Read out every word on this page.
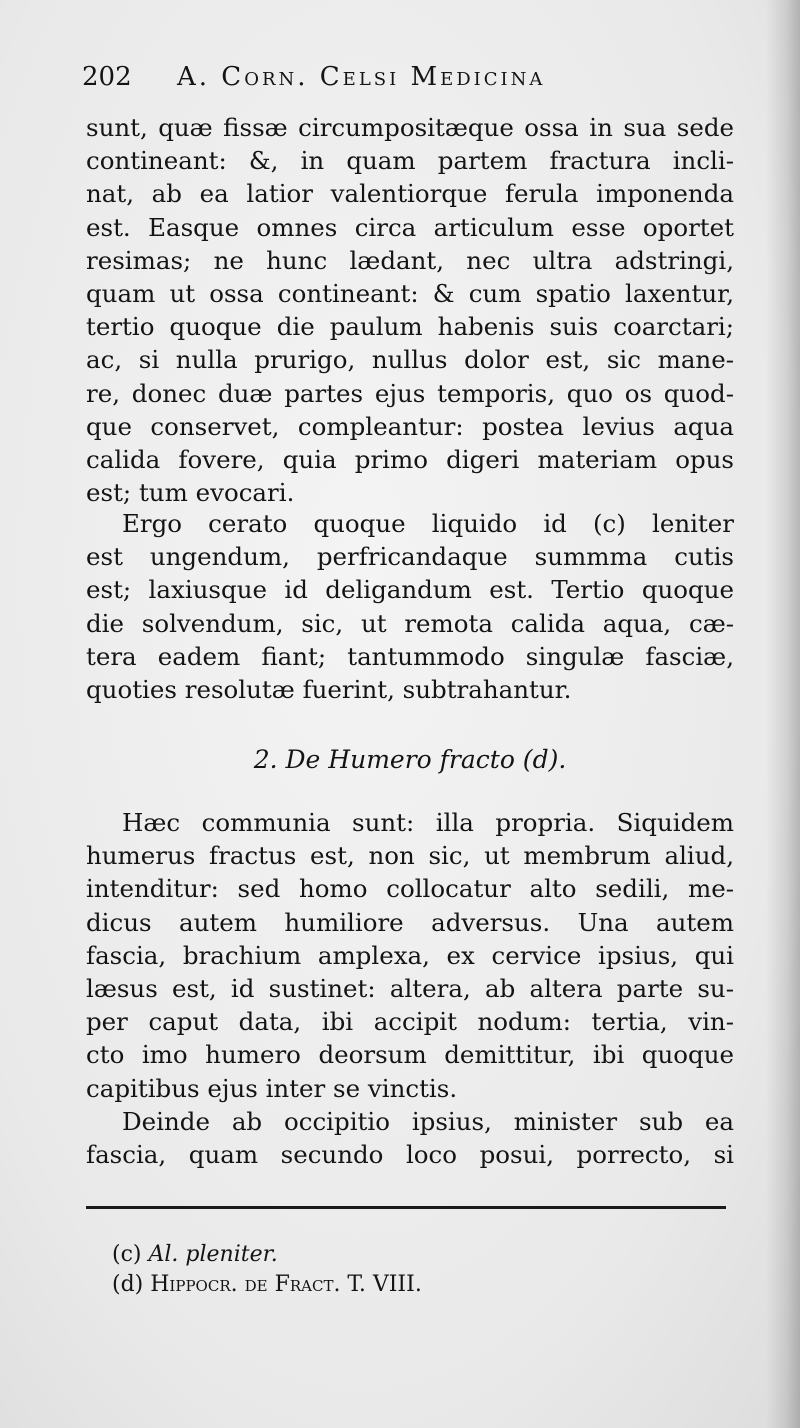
202 A. Corn. Celsi Medicina
sunt, quæ fissæ circumpositæque ossa in sua sede
contineant: &, in quam partem fractura incli-
nat, ab ea latior valentiorque ferula imponenda
est. Easque omnes circa articulum esse oportet
resimas; ne hunc lædant, nec ultra adstringi,
quam ut ossa contineant: & cum spatio laxentur,
tertio quoque die paulum habenis suis coarctari;
ac, si nulla prurigo, nullus dolor est, sic mane-
re, donec duæ partes ejus temporis, quo os quod-
que conservet, compleantur: postea levius aqua
calida fovere, quia primo digeri materiam opus
est; tum evocari.
Ergo cerato quoque liquido id (c) leniter
est ungendum, perfricandaque summma cutis
est; laxiusque id deligandum est. Tertio quoque
die solvendum, sic, ut remota calida aqua, cæ-
tera eadem fiant; tantummodo singulæ fasciæ,
quoties resolutæ fuerint, subtrahantur.
2. De Humero fracto (d).
Hæc communia sunt: illa propria. Siquidem
humerus fractus est, non sic, ut membrum aliud,
intenditur: sed homo collocatur alto sedili, me-
dicus autem humiliore adversus. Una autem
fascia, brachium amplexa, ex cervice ipsius, qui
læsus est, id sustinet: altera, ab altera parte su-
per caput data, ibi accipit nodum: tertia, vin-
cto imo humero deorsum demittitur, ibi quoque
capitibus ejus inter se vinctis.
Deinde ab occipitio ipsius, minister sub ea
fascia, quam secundo loco posui, porrecto, si
(c) Al. pleniter.
(d) Hippocr. de Fract. T. VIII.
